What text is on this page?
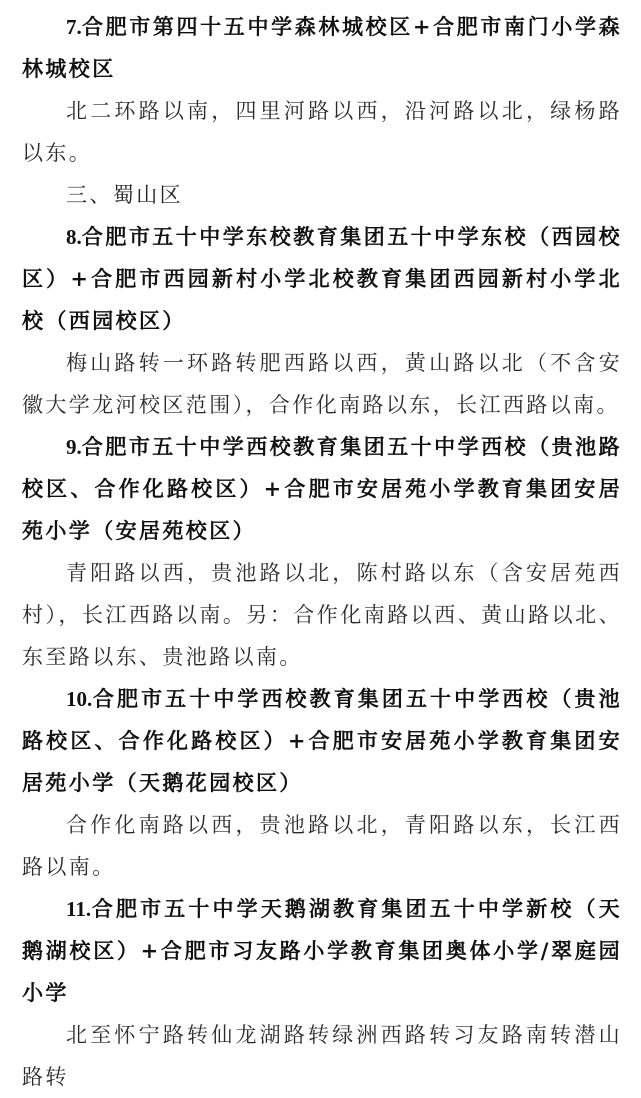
7.合肥市第四十五中学森林城校区+合肥市南门小学森林城校区

北二环路以南，四里河路以西，沿河路以北，绿杨路以东。

三、蜀山区

8.合肥市五十中学东校教育集团五十中学东校（西园校区）+合肥市西园新村小学北校教育集团西园新村小学北校（西园校区）

梅山路转一环路转肥西路以西，黄山路以北（不含安徽大学龙河校区范围），合作化南路以东，长江西路以南。

9.合肥市五十中学西校教育集团五十中学西校（贵池路校区、合作化路校区）+合肥市安居苑小学教育集团安居苑小学（安居苑校区）

青阳路以西，贵池路以北，陈村路以东（含安居苑西村），长江西路以南。另：合作化南路以西、黄山路以北、东至路以东、贵池路以南。

10.合肥市五十中学西校教育集团五十中学西校（贵池路校区、合作化路校区）+合肥市安居苑小学教育集团安居苑小学（天鹅花园校区）

合作化南路以西，贵池路以北，青阳路以东，长江西路以南。

11.合肥市五十中学天鹅湖教育集团五十中学新校（天鹅湖校区）+合肥市习友路小学教育集团奥体小学/翠庭园小学

北至怀宁路转仙龙湖路转绿洲西路转习友路南转潜山路转
